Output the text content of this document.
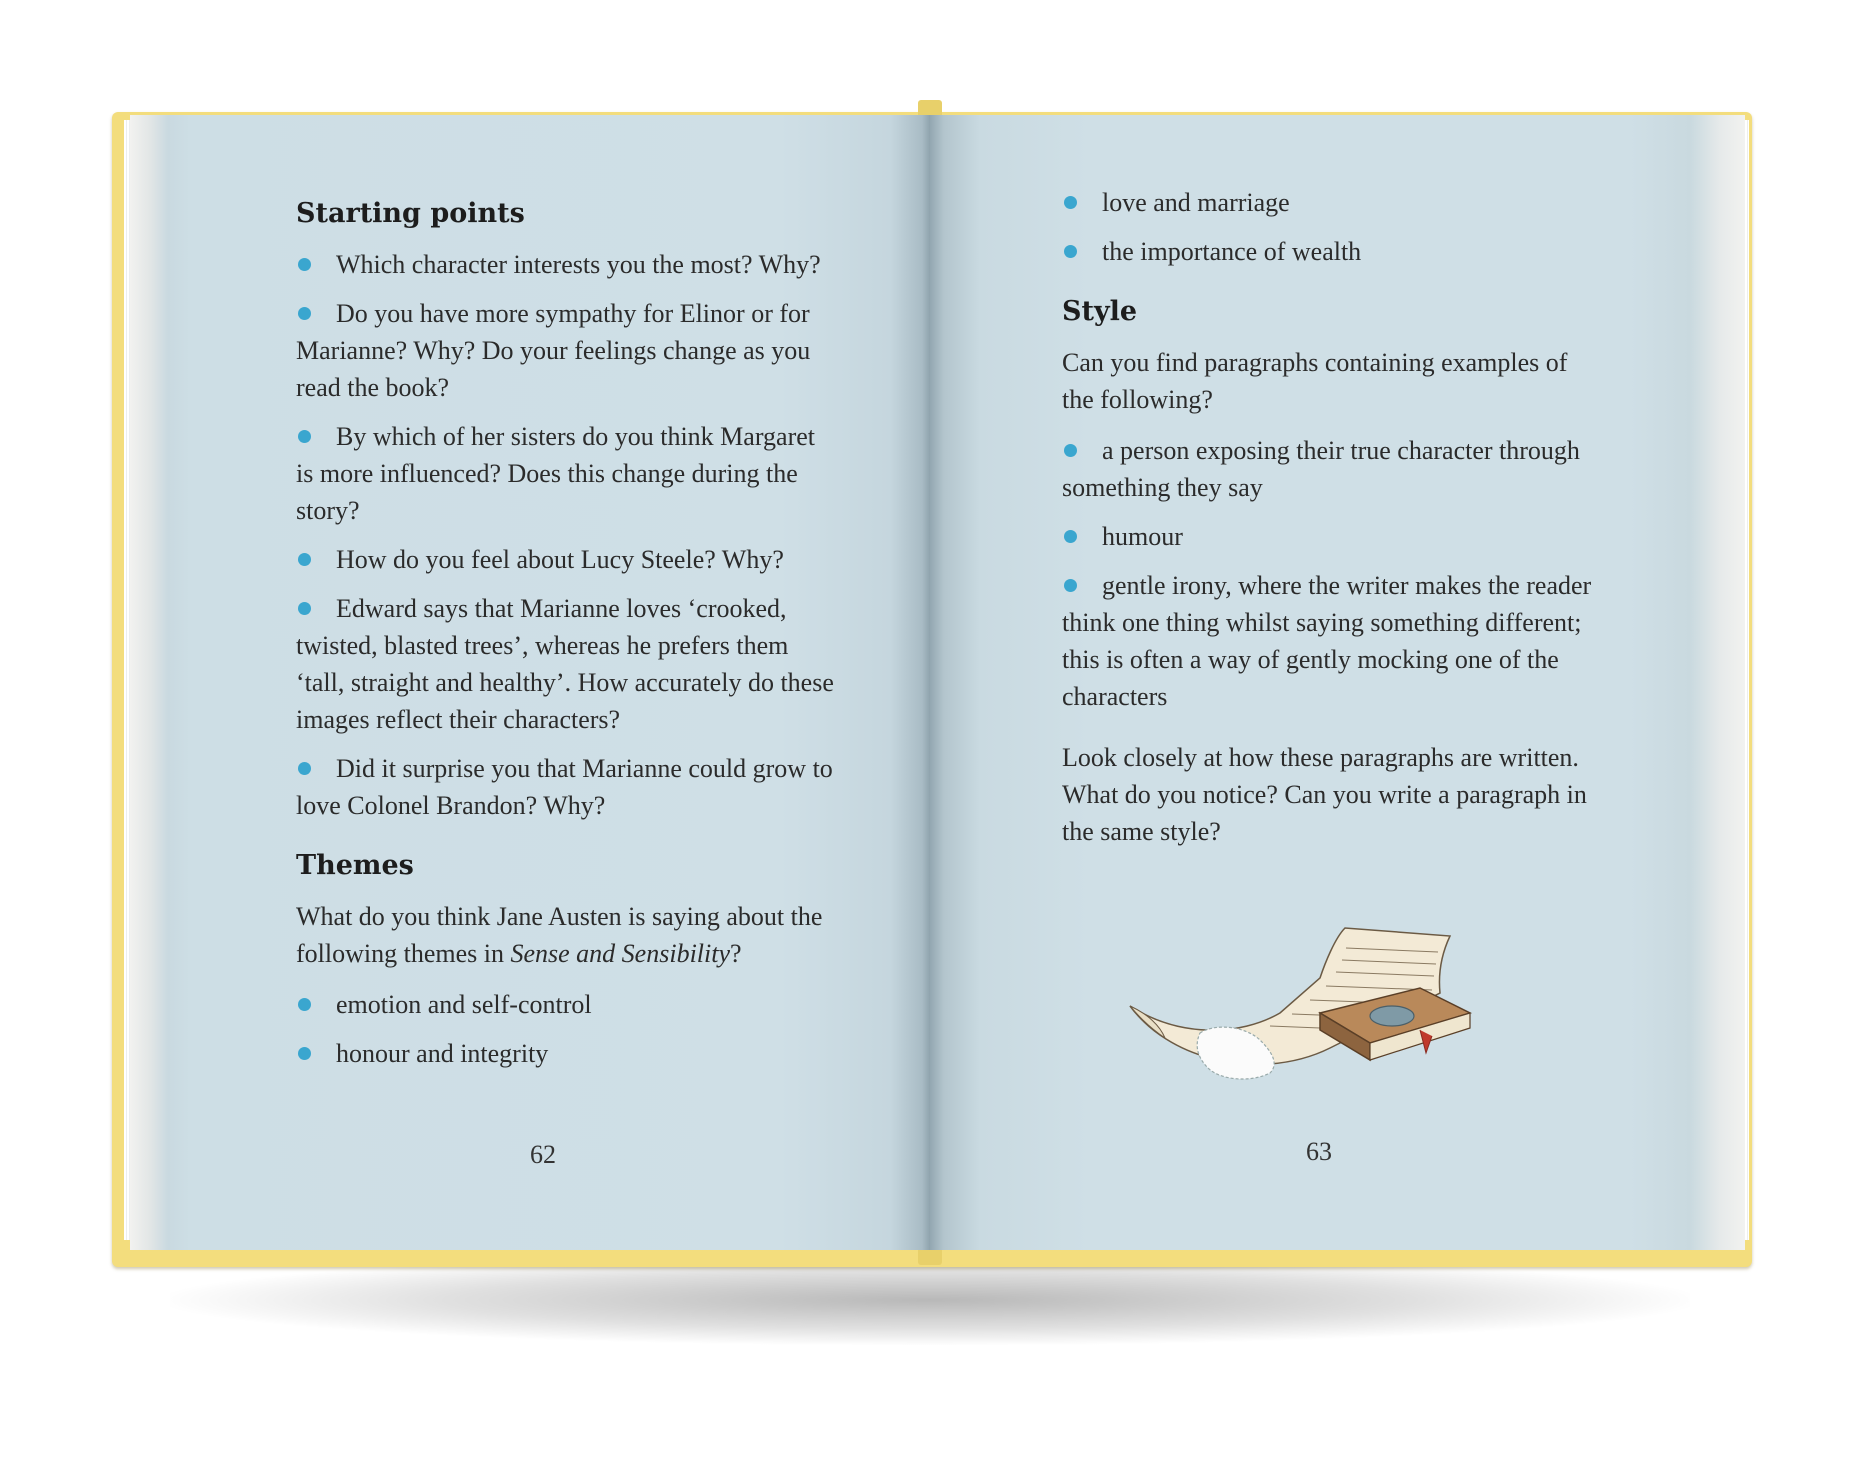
Starting points
Which character interests you the most? Why?
Do you have more sympathy for Elinor or for Marianne? Why? Do your feelings change as you read the book?
By which of her sisters do you think Margaret is more influenced? Does this change during the story?
How do you feel about Lucy Steele? Why?
Edward says that Marianne loves ‘crooked, twisted, blasted trees’, whereas he prefers them ‘tall, straight and healthy’. How accurately do these images reflect their characters?
Did it surprise you that Marianne could grow to love Colonel Brandon? Why?
Themes

What do you think Jane Austen is saying about the following themes in Sense and Sensibility?

emotion and self-control
honour and integrity
62
love and marriage
the importance of wealth
Style

Can you find paragraphs containing examples of the following?

a person exposing their true character through something they say
humour
gentle irony, where the writer makes the reader think one thing whilst saying something different; this is often a way of gently mocking one of the characters

Look closely at how these paragraphs are written. What do you notice? Can you write a paragraph in the same style?

63
